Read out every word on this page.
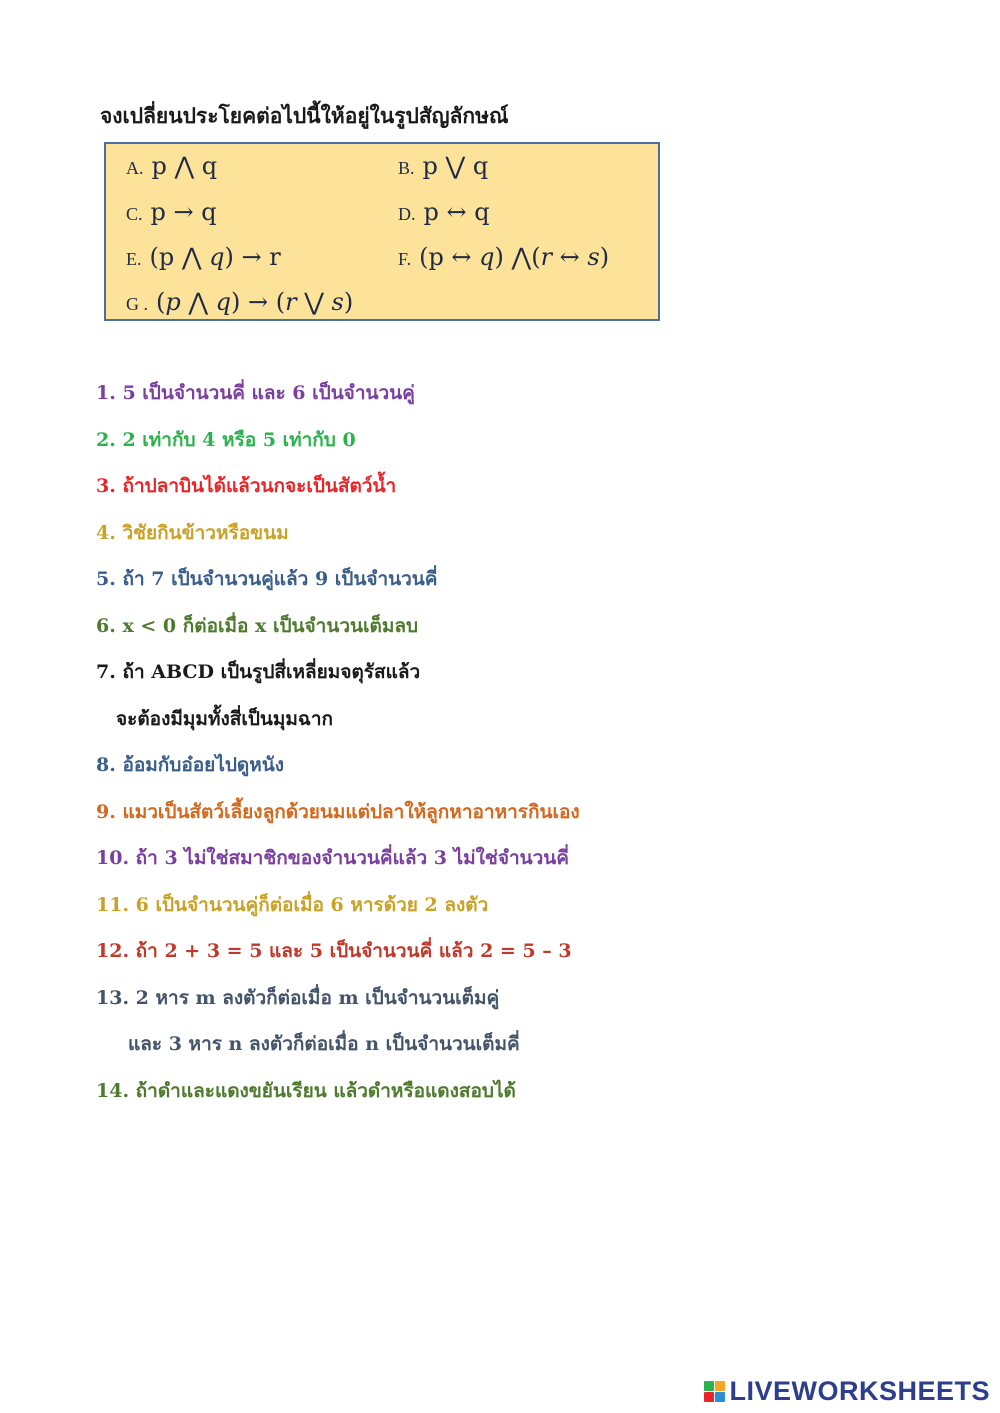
จงเปลี่ยนประโยคต่อไปนี้ให้อยู่ในรูปสัญลักษณ์
A. p ⋀ q	B. p ⋁ q
C. p → q	D. p ↔ q
E. (p ⋀ 𝑞) → r	F. (p ↔ 𝑞) ⋀(𝑟 ↔ 𝑠)
G . (𝑝 ⋀ 𝑞) → (𝑟 ⋁ 𝑠)
1. 5 เป็นจำนวนคี่ และ 6 เป็นจำนวนคู่
2. 2 เท่ากับ 4 หรือ 5 เท่ากับ 0
3. ถ้าปลาบินได้แล้วนกจะเป็นสัตว์น้ำ
4. วิชัยกินข้าวหรือขนม
5. ถ้า 7 เป็นจำนวนคู่แล้ว 9 เป็นจำนวนคี่
6. x < 0 ก็ต่อเมื่อ x เป็นจำนวนเต็มลบ
7. ถ้า ABCD เป็นรูปสี่เหลี่ยมจตุรัสแล้ว
จะต้องมีมุมทั้งสี่เป็นมุมฉาก
8. อ้อมกับอ๋อยไปดูหนัง
9. แมวเป็นสัตว์เลี้ยงลูกด้วยนมแต่ปลาให้ลูกหาอาหารกินเอง
10. ถ้า 3 ไม่ใช่สมาชิกของจำนวนคี่แล้ว 3 ไม่ใช่จำนวนคี่
11. 6 เป็นจำนวนคู่ก็ต่อเมื่อ 6 หารด้วย 2 ลงตัว
12. ถ้า 2 + 3 = 5 และ 5 เป็นจำนวนคี่ แล้ว 2 = 5 – 3
13. 2 หาร m ลงตัวก็ต่อเมื่อ m เป็นจำนวนเต็มคู่
และ 3 หาร n ลงตัวก็ต่อเมื่อ n เป็นจำนวนเต็มคี่
14. ถ้าดำและแดงขยันเรียน แล้วดำหรือแดงสอบได้
LIVEWORKSHEETS
